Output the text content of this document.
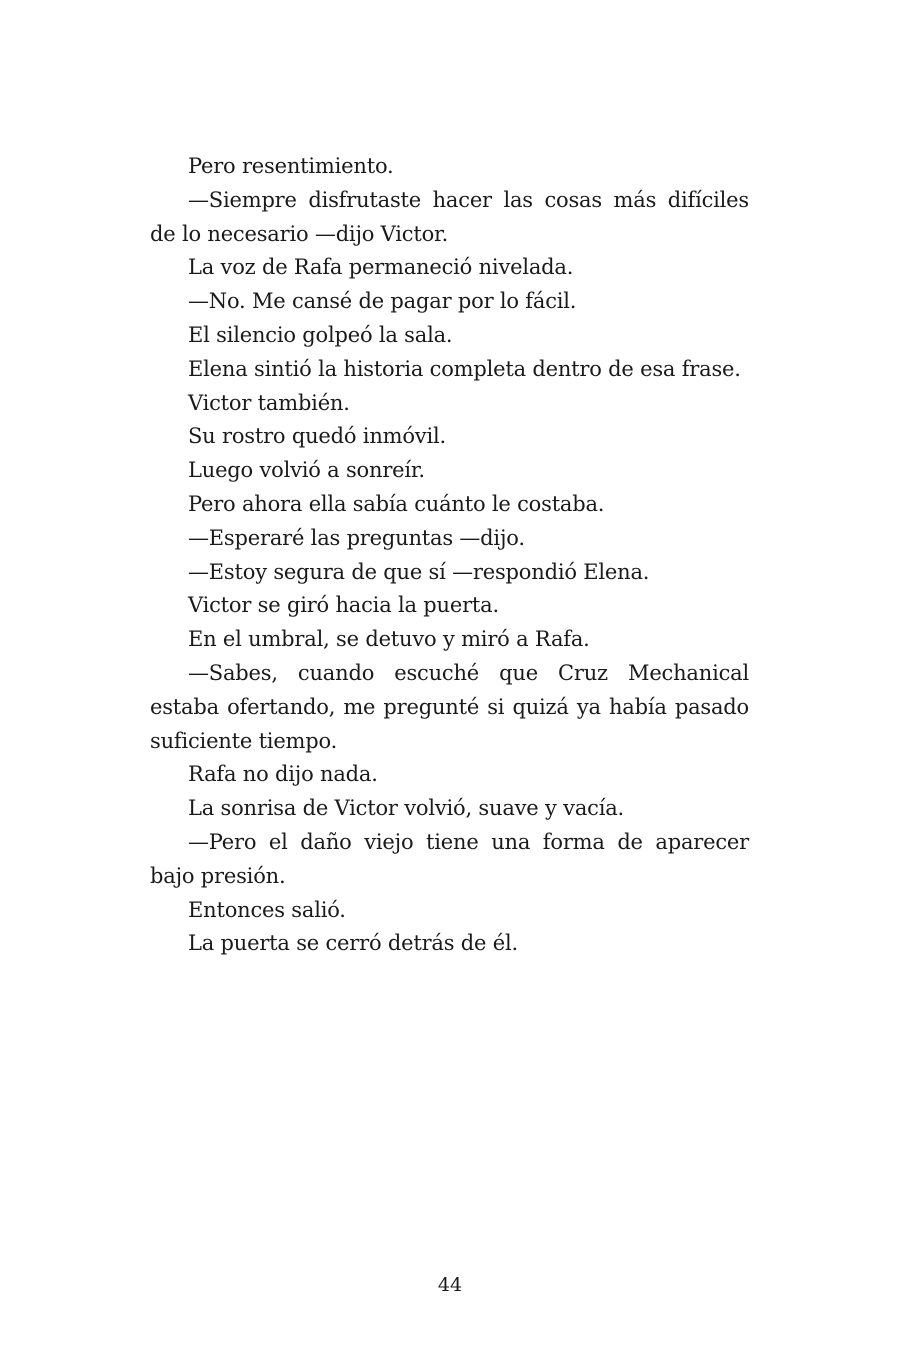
Pero resentimiento.

—Siempre disfrutaste hacer las cosas más difíciles de lo necesario —dijo Victor.

La voz de Rafa permaneció nivelada.

—No. Me cansé de pagar por lo fácil.

El silencio golpeó la sala.

Elena sintió la historia completa dentro de esa frase.

Victor también.

Su rostro quedó inmóvil.

Luego volvió a sonreír.

Pero ahora ella sabía cuánto le costaba.

—Esperaré las preguntas —dijo.

—Estoy segura de que sí —respondió Elena.

Victor se giró hacia la puerta.

En el umbral, se detuvo y miró a Rafa.

—Sabes, cuando escuché que Cruz Mechanical estaba ofertando, me pregunté si quizá ya había pasado suficiente tiempo.

Rafa no dijo nada.

La sonrisa de Victor volvió, suave y vacía.

—Pero el daño viejo tiene una forma de aparecer bajo presión.

Entonces salió.

La puerta se cerró detrás de él.

44
